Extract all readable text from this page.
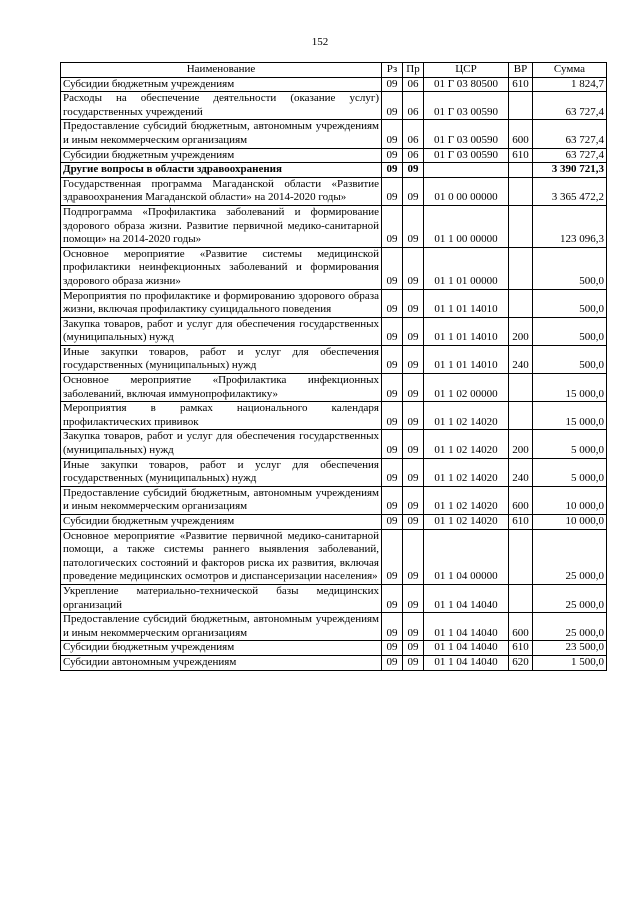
152
Наименование	Рз	Пр	ЦСР	ВР	Сумма
Субсидии бюджетным учреждениям	09	06	01 Г 03 80500	610	1 824,7
Расходы на обеспечение деятельности (оказание услуг) государственных учреждений	09	06	01 Г 03 00590		63 727,4
Предоставление субсидий бюджетным, автономным учреждениям и иным некоммерческим организациям	09	06	01 Г 03 00590	600	63 727,4
Субсидии бюджетным учреждениям	09	06	01 Г 03 00590	610	63 727,4
Другие вопросы в области здравоохранения	09	09			3 390 721,3
Государственная программа Магаданской области «Развитие здравоохранения Магаданской области» на 2014-2020 годы»	09	09	01 0 00 00000		3 365 472,2
Подпрограмма «Профилактика заболеваний и формирование здорового образа жизни. Развитие первичной медико-санитарной помощи» на 2014-2020 годы»	09	09	01 1 00 00000		123 096,3
Основное мероприятие «Развитие системы медицинской профилактики неинфекционных заболеваний и формирования здорового образа жизни»	09	09	01 1 01 00000		500,0
Мероприятия по профилактике и формированию здорового образа жизни, включая профилактику суицидального поведения	09	09	01 1 01 14010		500,0
Закупка товаров, работ и услуг для обеспечения государственных (муниципальных) нужд	09	09	01 1 01 14010	200	500,0
Иные закупки товаров, работ и услуг для обеспечения государственных (муниципальных) нужд	09	09	01 1 01 14010	240	500,0
Основное мероприятие «Профилактика инфекционных заболеваний, включая иммунопрофилактику»	09	09	01 1 02 00000		15 000,0
Мероприятия в рамках национального календаря профилактических прививок	09	09	01 1 02 14020		15 000,0
Закупка товаров, работ и услуг для обеспечения государственных (муниципальных) нужд	09	09	01 1 02 14020	200	5 000,0
Иные закупки товаров, работ и услуг для обеспечения государственных (муниципальных) нужд	09	09	01 1 02 14020	240	5 000,0
Предоставление субсидий бюджетным, автономным учреждениям и иным некоммерческим организациям	09	09	01 1 02 14020	600	10 000,0
Субсидии бюджетным учреждениям	09	09	01 1 02 14020	610	10 000,0
Основное мероприятие «Развитие первичной медико-санитарной помощи, а также системы раннего выявления заболеваний, патологических состояний и факторов риска их развития, включая проведение медицинских осмотров и диспансеризации населения»	09	09	01 1 04 00000		25 000,0
Укрепление материально-технической базы медицинских организаций	09	09	01 1 04 14040		25 000,0
Предоставление субсидий бюджетным, автономным учреждениям и иным некоммерческим организациям	09	09	01 1 04 14040	600	25 000,0
Субсидии бюджетным учреждениям	09	09	01 1 04 14040	610	23 500,0
Субсидии автономным учреждениям	09	09	01 1 04 14040	620	1 500,0
